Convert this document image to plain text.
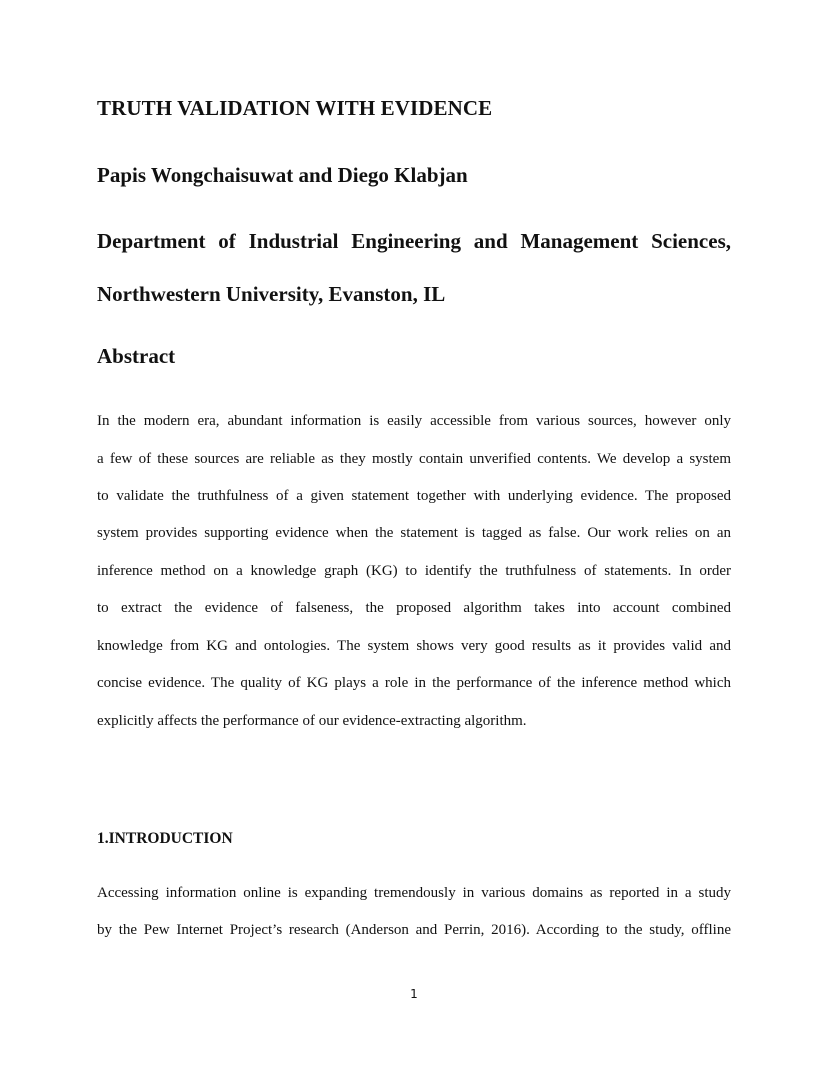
TRUTH VALIDATION WITH EVIDENCE
Papis Wongchaisuwat and Diego Klabjan
Department of Industrial Engineering and Management Sciences,
Northwestern University, Evanston, IL
Abstract
In the modern era, abundant information is easily accessible from various sources, however only
a few of these sources are reliable as they mostly contain unverified contents. We develop a system
to validate the truthfulness of a given statement together with underlying evidence. The proposed
system provides supporting evidence when the statement is tagged as false. Our work relies on an
inference method on a knowledge graph (KG) to identify the truthfulness of statements. In order
to extract the evidence of falseness, the proposed algorithm takes into account combined
knowledge from KG and ontologies. The system shows very good results as it provides valid and
concise evidence. The quality of KG plays a role in the performance of the inference method which
explicitly affects the performance of our evidence-extracting algorithm.
1.INTRODUCTION
Accessing information online is expanding tremendously in various domains as reported in a study
by the Pew Internet Project’s research (Anderson and Perrin, 2016). According to the study, offline
1
